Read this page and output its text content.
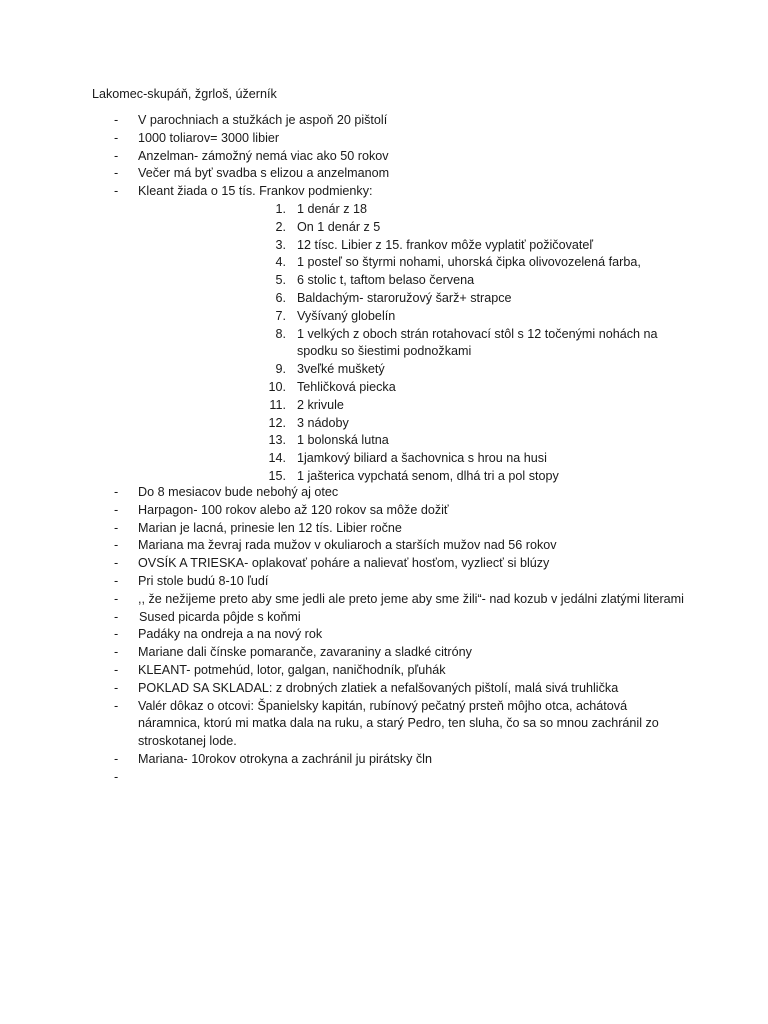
Lakomec-skupáň, žgrloš, úžerník
- V parochniach a stužkách je aspoň 20 pištolí
- 1000 toliarov= 3000 libier
- Anzelman- zámožný nemá viac ako 50 rokov
- Večer má byť svadba s elizou a anzelmanom
- Kleant žiada o 15 tís. Frankov podmienky:
1. 1 denár z 18
2. On 1 denár z 5
3. 12 tísc. Libier z 15. frankov môže vyplatiť požičovateľ
4. 1 posteľ so štyrmi nohami, uhorská čipka olivovozelená farba,
5. 6 stolic t, taftom belaso červena
6. Baldachým- staroružový šarž+ strapce
7. Vyšívaný globelín
8. 1 velkých z oboch strán rotahovací stôl s 12 točenými nohách na spodku so šiestimi podnožkami
9. 3veľké mušketý
10. Tehličková piecka
11. 2 krivule
12. 3 nádoby
13. 1 bolonská lutna
14. 1jamkový biliard a šachovnica s hrou na husi
15. 1 jašterica vypchatá senom, dlhá tri a pol stopy
- Do 8 mesiacov bude nebohý aj otec
- Harpagon- 100 rokov alebo až 120 rokov sa môže dožiť
- Marian je lacná, prinesie len 12 tís. Libier ročne
- Mariana ma ževraj rada mužov v okuliaroch a starších mužov nad 56 rokov
- OVSÍK A TRIESKA- oplakovať poháre a nalievať hosťom, vyzliecť si blúzy
- Pri stole budú 8-10 ľudí
- ,, že nežijeme preto aby sme jedli ale preto jeme aby sme žili“- nad kozub v jedálni zlatými literami
- Sused picarda pôjde s koňmi
- Padáky na ondreja a na nový rok
- Mariane dali čínske pomaranče, zavaraniny a sladké citróny
- KLEANT- potmehúd, lotor, galgan, naničhodník, pľuhák
- POKLAD SA SKLADAL: z drobných zlatiek a nefalšovaných pištolí, malá sivá truhlička
- Valér dôkaz o otcovi: Španielsky kapitán, rubínový pečatný prsteň môjho otca, achátová náramnica, ktorú mi matka dala na ruku, a starý Pedro, ten sluha, čo sa so mnou zachránil zo stroskotanej lode.
- Mariana- 10rokov otrokyna a zachránil ju pirátsky čln
-
